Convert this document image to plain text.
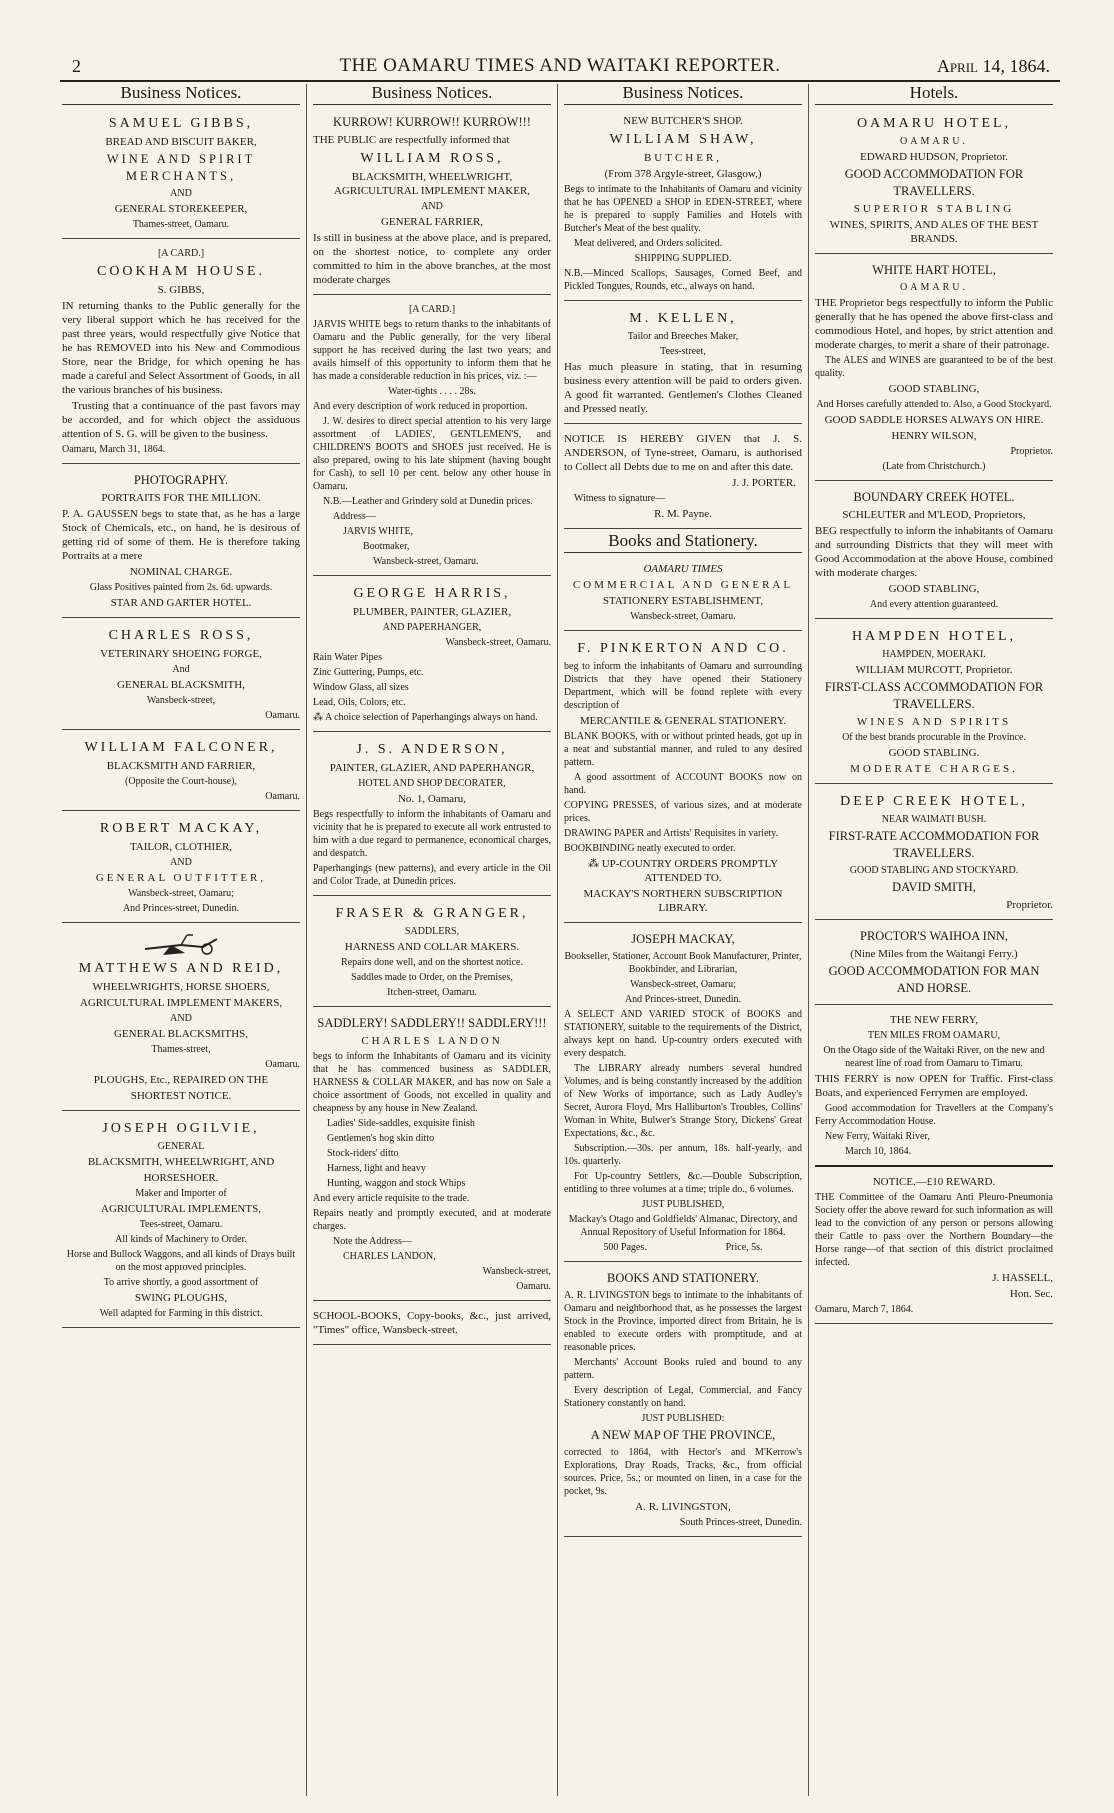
2	THE OAMARU TIMES AND WAITAKI REPORTER.	April 14, 1864.
Business Notices.

SAMUEL GIBBS,

BREAD AND BISCUIT BAKER,

WINE AND SPIRIT MERCHANTS,

AND

GENERAL STOREKEEPER,

Thames-street, Oamaru.

[A CARD.]

COOKHAM HOUSE.

S. GIBBS,

IN returning thanks to the Public generally for the very liberal support which he has received for the past three years, would respectfully give Notice that he has REMOVED into his New and Commodious Store, near the Bridge, for which opening he has made a careful and Select Assortment of Goods, in all the various branches of his business.

Trusting that a continuance of the past favors may be accorded, and for which object the assiduous attention of S. G. will be given to the business.

Oamaru, March 31, 1864.

PHOTOGRAPHY.

PORTRAITS FOR THE MILLION.

P. A. GAUSSEN begs to state that, as he has a large Stock of Chemicals, etc., on hand, he is desirous of getting rid of some of them. He is therefore taking Portraits at a mere

NOMINAL CHARGE.

Glass Positives painted from 2s. 6d. upwards.

STAR AND GARTER HOTEL.

CHARLES ROSS,

VETERINARY SHOEING FORGE,

And

GENERAL BLACKSMITH,

Wansbeck-street,

Oamaru.

WILLIAM FALCONER,

BLACKSMITH AND FARRIER,

(Opposite the Court-house),

Oamaru.

ROBERT MACKAY,

TAILOR, CLOTHIER,

AND

GENERAL OUTFITTER,

Wansbeck-street, Oamaru;

And Princes-street, Dunedin.

MATTHEWS AND REID,

WHEELWRIGHTS, HORSE SHOERS,

AGRICULTURAL IMPLEMENT MAKERS,

AND

GENERAL BLACKSMITHS,

Thames-street,

Oamaru.

PLOUGHS, Etc., REPAIRED ON THE

SHORTEST NOTICE.

JOSEPH OGILVIE,

GENERAL

BLACKSMITH, WHEELWRIGHT, AND

HORSESHOER.

Maker and Importer of

AGRICULTURAL IMPLEMENTS,

Tees-street, Oamaru.

All kinds of Machinery to Order.

Horse and Bullock Waggons, and all kinds of Drays built on the most approved principles.

To arrive shortly, a good assortment of

SWING PLOUGHS,

Well adapted for Farming in this district.

Business Notices.

KURROW! KURROW!! KURROW!!!

THE PUBLIC are respectfully informed that

WILLIAM ROSS,

BLACKSMITH, WHEELWRIGHT, AGRICULTURAL IMPLEMENT MAKER,

AND

GENERAL FARRIER,

Is still in business at the above place, and is prepared, on the shortest notice, to complete any order committed to him in the above branches, at the most moderate charges

[A CARD.]

JARVIS WHITE begs to return thanks to the inhabitants of Oamaru and the Public generally, for the very liberal support he has received during the last two years; and avails himself of this opportunity to inform them that he has made a considerable reduction in his prices, viz. :—

Water-tights . . . . 28s.

And every description of work reduced in proportion.

J. W. desires to direct special attention to his very large assortment of LADIES', GENTLEMEN'S, and CHILDREN'S BOOTS and SHOES just received. He is also prepared, owing to his late shipment (having bought for Cash), to sell 10 per cent. below any other house in Oamaru.

N.B.—Leather and Grindery sold at Dunedin prices.

Address—

JARVIS WHITE,

Bootmaker,

Wansbeck-street, Oamaru.

GEORGE HARRIS,

PLUMBER, PAINTER, GLAZIER,

AND PAPERHANGER,

Wansbeck-street, Oamaru.

Rain Water Pipes

Zinc Guttering, Pumps, etc.

Window Glass, all sizes

Lead, Oils, Colors, etc.

⁂ A choice selection of Paperhangings always on hand.

J. S. ANDERSON,

PAINTER, GLAZIER, AND PAPERHANGR,

HOTEL AND SHOP DECORATER,

No. 1, Oamaru,

Begs respectfully to inform the inhabitants of Oamaru and vicinity that he is prepared to execute all work entrusted to him with a due regard to permanence, economical charges, and despatch.

Paperhangings (new patterns), and every article in the Oil and Color Trade, at Dunedin prices.

FRASER & GRANGER,

SADDLERS,

HARNESS AND COLLAR MAKERS.

Repairs done well, and on the shortest notice.

Saddles made to Order, on the Premises,

Itchen-street, Oamaru.

SADDLERY! SADDLERY!! SADDLERY!!!

CHARLES LANDON

begs to inform the Inhabitants of Oamaru and its vicinity that he has commenced business as SADDLER, HARNESS & COLLAR MAKER, and has now on Sale a choice assortment of Goods, not excelled in quality and cheapness by any house in New Zealand.

Ladies' Side-saddles, exquisite finish

Gentlemen's hog skin ditto

Stock-riders' ditto

Harness, light and heavy

Hunting, waggon and stock Whips

And every article requisite to the trade.

Repairs neatly and promptly executed, and at moderate charges.

Note the Address—

CHARLES LANDON,

Wansbeck-street,

Oamaru.

SCHOOL-BOOKS, Copy-books, &c., just arrived, "Times" office, Wansbeck-street.

Business Notices.

NEW BUTCHER'S SHOP.

WILLIAM SHAW,

BUTCHER,

(From 378 Argyle-street, Glasgow,)

Begs to intimate to the Inhabitants of Oamaru and vicinity that he has OPENED a SHOP in EDEN-STREET, where he is prepared to supply Families and Hotels with Butcher's Meat of the best quality.

Meat delivered, and Orders solicited.

SHIPPING SUPPLIED.

N.B.—Minced Scallops, Sausages, Corned Beef, and Pickled Tongues, Rounds, etc., always on hand.

M. KELLEN,

Tailor and Breeches Maker,

Tees-street,

Has much pleasure in stating, that in resuming business every attention will be paid to orders given. A good fit warranted. Gentlemen's Clothes Cleaned and Pressed neatly.

NOTICE IS HEREBY GIVEN that J. S. ANDERSON, of Tyne-street, Oamaru, is authorised to Collect all Debts due to me on and after this date.

J. J. PORTER.

Witness to signature—

R. M. Payne.

Books and Stationery.

OAMARU TIMES

COMMERCIAL AND GENERAL

STATIONERY ESTABLISHMENT,

Wansbeck-street, Oamaru.

F. PINKERTON AND CO.

beg to inform the inhabitants of Oamaru and surrounding Districts that they have opened their Stationery Department, which will be found replete with every description of

MERCANTILE & GENERAL STATIONERY.

BLANK BOOKS, with or without printed heads, got up in a neat and substantial manner, and ruled to any desired pattern.

A good assortment of ACCOUNT BOOKS now on hand.

COPYING PRESSES, of various sizes, and at moderate prices.

DRAWING PAPER and Artists' Requisites in variety.

BOOKBINDING neatly executed to order.

⁂ UP-COUNTRY ORDERS PROMPTLY ATTENDED TO.

MACKAY'S NORTHERN SUBSCRIPTION LIBRARY.

JOSEPH MACKAY,

Bookseller, Stationer, Account Book Manufacturer, Printer, Bookbinder, and Librarian,

Wansbeck-street, Oamaru;

And Princes-street, Dunedin.

A SELECT AND VARIED STOCK of BOOKS and STATIONERY, suitable to the requirements of the District, always kept on hand. Up-country orders executed with every despatch.

The LIBRARY already numbers several hundred Volumes, and is being constantly increased by the addition of New Works of importance, such as Lady Audley's Secret, Aurora Floyd, Mrs Halliburton's Troubles, Collins' Woman in White, Bulwer's Strange Story, Dickens' Great Expectations, &c., &c.

Subscription.—30s. per annum, 18s. half-yearly, and 10s. quarterly.

For Up-country Settlers, &c.—Double Subscription, entitling to three volumes at a time; triple do., 6 volumes.

JUST PUBLISHED,

Mackay's Otago and Goldfields' Almanac, Directory, and Annual Repository of Useful Information for 1864.

500 Pages.	Price, 5s.

BOOKS AND STATIONERY.

A. R. LIVINGSTON begs to intimate to the inhabitants of Oamaru and neighborhood that, as he possesses the largest Stock in the Province, imported direct from Britain, he is enabled to execute orders with promptitude, and at reasonable prices.

Merchants' Account Books ruled and bound to any pattern.

Every description of Legal, Commercial, and Fancy Stationery constantly on hand.

JUST PUBLISHED:

A NEW MAP OF THE PROVINCE,

corrected to 1864, with Hector's and M'Kerrow's Explorations, Dray Roads, Tracks, &c., from official sources. Price, 5s.; or mounted on linen, in a case for the pocket, 9s.

A. R. LIVINGSTON,

South Princes-street, Dunedin.

Hotels.

OAMARU HOTEL,

OAMARU.

EDWARD HUDSON, Proprietor.

GOOD ACCOMMODATION FOR TRAVELLERS.

SUPERIOR STABLING

WINES, SPIRITS, AND ALES OF THE BEST BRANDS.

WHITE HART HOTEL,

OAMARU.

THE Proprietor begs respectfully to inform the Public generally that he has opened the above first-class and commodious Hotel, and hopes, by strict attention and moderate charges, to merit a share of their patronage.

The ALES and WINES are guaranteed to be of the best quality.

GOOD STABLING,

And Horses carefully attended to. Also, a Good Stockyard.

GOOD SADDLE HORSES ALWAYS ON HIRE.

HENRY WILSON,

Proprietor.

(Late from Christchurch.)

BOUNDARY CREEK HOTEL.

SCHLEUTER and M'LEOD, Proprietors,

BEG respectfully to inform the inhabitants of Oamaru and surrounding Districts that they will meet with Good Accommodation at the above House, combined with moderate charges.

GOOD STABLING,

And every attention guaranteed.

HAMPDEN HOTEL,

HAMPDEN, MOERAKI.

WILLIAM MURCOTT, Proprietor.

FIRST-CLASS ACCOMMODATION FOR TRAVELLERS.

WINES AND SPIRITS

Of the best brands procurable in the Province.

GOOD STABLING.

MODERATE CHARGES.

DEEP CREEK HOTEL,

NEAR WAIMATI BUSH.

FIRST-RATE ACCOMMODATION FOR TRAVELLERS.

GOOD STABLING AND STOCKYARD.

DAVID SMITH,

Proprietor.

PROCTOR'S WAIHOA INN,

(Nine Miles from the Waitangi Ferry.)

GOOD ACCOMMODATION FOR MAN AND HORSE.

THE NEW FERRY,

TEN MILES FROM OAMARU,

On the Otago side of the Waitaki River, on the new and nearest line of road from Oamaru to Timaru.

THIS FERRY is now OPEN for Traffic. First-class Boats, and experienced Ferrymen are employed.

Good accommodation for Travellers at the Company's Ferry Accommodation House.

New Ferry, Waitaki River,

March 10, 1864.

NOTICE.—£10 REWARD.

THE Committee of the Oamaru Anti Pleuro-Pneumonia Society offer the above reward for such information as will lead to the conviction of any person or persons allowing their Cattle to pass over the Northern Boundary—the Horse range—of that section of this district proclaimed infected.

J. HASSELL,

Hon. Sec.

Oamaru, March 7, 1864.
